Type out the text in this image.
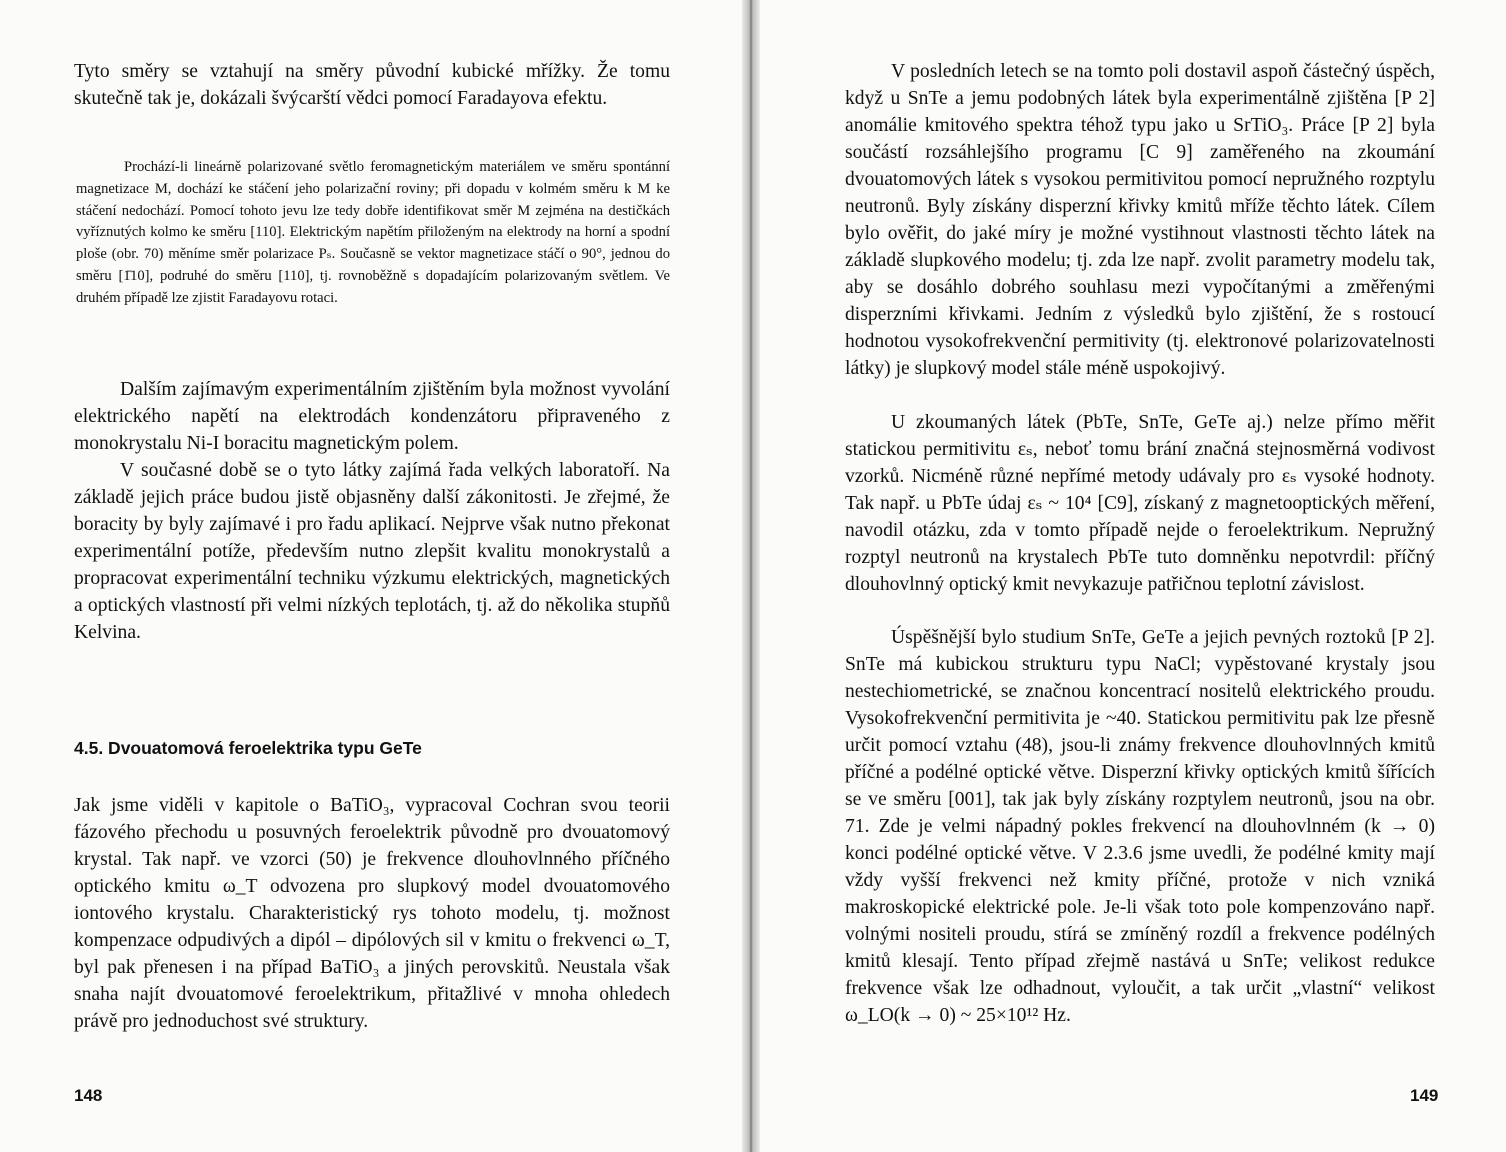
Tyto směry se vztahují na směry původní kubické mřížky. Že tomu skutečně tak je, dokázali švýcarští vědci pomocí Faradayova efektu.

Prochází-li lineárně polarizované světlo feromagnetickým materiálem ve směru spontánní magnetizace M, dochází ke stáčení jeho polarizační roviny; při dopadu v kolmém směru k M ke stáčení nedochází. Pomocí tohoto jevu lze tedy dobře identifikovat směr M zejména na destičkách vyříznutých kolmo ke směru [110]. Elektrickým napětím přiloženým na elektrody na horní a spodní ploše (obr. 70) měníme směr polarizace Pₛ. Současně se vektor magnetizace stáčí o 90°, jednou do směru [1̄10], podruhé do směru [110], tj. rovnoběžně s dopadajícím polarizovaným světlem. Ve druhém případě lze zjistit Faradayovu rotaci.

Dalším zajímavým experimentálním zjištěním byla možnost vyvolání elektrického napětí na elektrodách kondenzátoru připraveného z monokrystalu Ni-I boracitu magnetickým polem.

V současné době se o tyto látky zajímá řada velkých laboratoří. Na základě jejich práce budou jistě objasněny další zákonitosti. Je zřejmé, že boracity by byly zajímavé i pro řadu aplikací. Nejprve však nutno překonat experimentální potíže, především nutno zlepšit kvalitu monokrystalů a propracovat experimentální techniku výzkumu elektrických, magnetických a optických vlastností při velmi nízkých teplotách, tj. až do několika stupňů Kelvina.

4.5. Dvouatomová feroelektrika typu GeTe

Jak jsme viděli v kapitole o BaTiO₃, vypracoval Cochran svou teorii fázového přechodu u posuvných feroelektrik původně pro dvouatomový krystal. Tak např. ve vzorci (50) je frekvence dlouhovlnného příčného optického kmitu ω_T odvozena pro slupkový model dvouatomového iontového krystalu. Charakteristický rys tohoto modelu, tj. možnost kompenzace odpudivých a dipól – dipólových sil v kmitu o frekvenci ω_T, byl pak přenesen i na případ BaTiO₃ a jiných perovskitů. Neustala však snaha najít dvouatomové feroelektrikum, přitažlivé v mnoha ohledech právě pro jednoduchost své struktury.

148

V posledních letech se na tomto poli dostavil aspoň částečný úspěch, když u SnTe a jemu podobných látek byla experimentálně zjištěna [P 2] anomálie kmitového spektra téhož typu jako u SrTiO₃. Práce [P 2] byla součástí rozsáhlejšího programu [C 9] zaměřeného na zkoumání dvouatomových látek s vysokou permitivitou pomocí nepružného rozptylu neutronů. Byly získány disperzní křivky kmitů mříže těchto látek. Cílem bylo ověřit, do jaké míry je možné vystihnout vlastnosti těchto látek na základě slupkového modelu; tj. zda lze např. zvolit parametry modelu tak, aby se dosáhlo dobrého souhlasu mezi vypočítanými a změřenými disperzními křivkami. Jedním z výsledků bylo zjištění, že s rostoucí hodnotou vysokofrekvenční permitivity (tj. elektronové polarizovatelnosti látky) je slupkový model stále méně uspokojivý.

U zkoumaných látek (PbTe, SnTe, GeTe aj.) nelze přímo měřit statickou permitivitu εₛ, neboť tomu brání značná stejnosměrná vodivost vzorků. Nicméně různé nepřímé metody udávaly pro εₛ vysoké hodnoty. Tak např. u PbTe údaj εₛ ~ 10⁴ [C9], získaný z magnetooptických měření, navodil otázku, zda v tomto případě nejde o feroelektrikum. Nepružný rozptyl neutronů na krystalech PbTe tuto domněnku nepotvrdil: příčný dlouhovlnný optický kmit nevykazuje patřičnou teplotní závislost.

Úspěšnější bylo studium SnTe, GeTe a jejich pevných roztoků [P 2]. SnTe má kubickou strukturu typu NaCl; vypěstované krystaly jsou nestechiometrické, se značnou koncentrací nositelů elektrického proudu. Vysokofrekvenční permitivita je ~40. Statickou permitivitu pak lze přesně určit pomocí vztahu (48), jsou-li známy frekvence dlouhovlnných kmitů příčné a podélné optické větve. Disperzní křivky optických kmitů šířících se ve směru [001], tak jak byly získány rozptylem neutronů, jsou na obr. 71. Zde je velmi nápadný pokles frekvencí na dlouhovlnném (k → 0) konci podélné optické větve. V 2.3.6 jsme uvedli, že podélné kmity mají vždy vyšší frekvenci než kmity příčné, protože v nich vzniká makroskopické elektrické pole. Je-li však toto pole kompenzováno např. volnými nositeli proudu, stírá se zmíněný rozdíl a frekvence podélných kmitů klesají. Tento případ zřejmě nastává u SnTe; velikost redukce frekvence však lze odhadnout, vyloučit, a tak určit „vlastní“ velikost ω_LO(k → 0) ~ 25×10¹² Hz.

149
